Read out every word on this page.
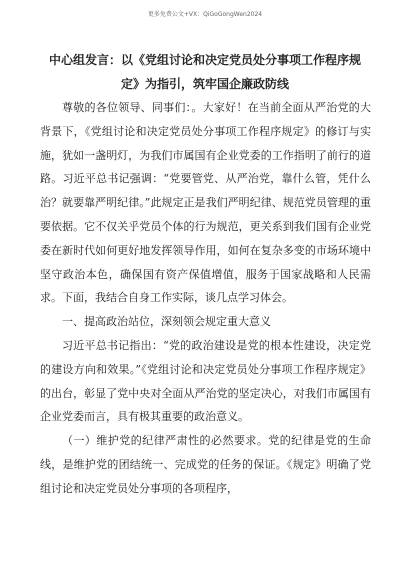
更多免费公文+VX：QiGoGongWen2024
中心组发言：以《党组讨论和决定党员处分事项工作程序规定》为指引，筑牢国企廉政防线

尊敬的各位领导、同事们：。大家好！在当前全面从严治党的大背景下，《党组讨论和决定党员处分事项工作程序规定》的修订与实施，犹如一盏明灯，为我们市属国有企业党委的工作指明了前行的道路。习近平总书记强调：“党要管党、从严治党，靠什么管，凭什么治？就要靠严明纪律。”此规定正是我们严明纪律、规范党员管理的重要依据。它不仅关乎党员个体的行为规范，更关系到我们国有企业党委在新时代如何更好地发挥领导作用，如何在复杂多变的市场环境中坚守政治本色，确保国有资产保值增值，服务于国家战略和人民需求。下面，我结合自身工作实际，谈几点学习体会。

一、提高政治站位，深刻领会规定重大意义

习近平总书记指出：“党的政治建设是党的根本性建设，决定党的建设方向和效果。”《党组讨论和决定党员处分事项工作程序规定》的出台，彰显了党中央对全面从严治党的坚定决心，对我们市属国有企业党委而言，具有极其重要的政治意义。

（一）维护党的纪律严肃性的必然要求。党的纪律是党的生命线，是维护党的团结统一、完成党的任务的保证。《规定》明确了党组讨论和决定党员处分事项的各项程序，
